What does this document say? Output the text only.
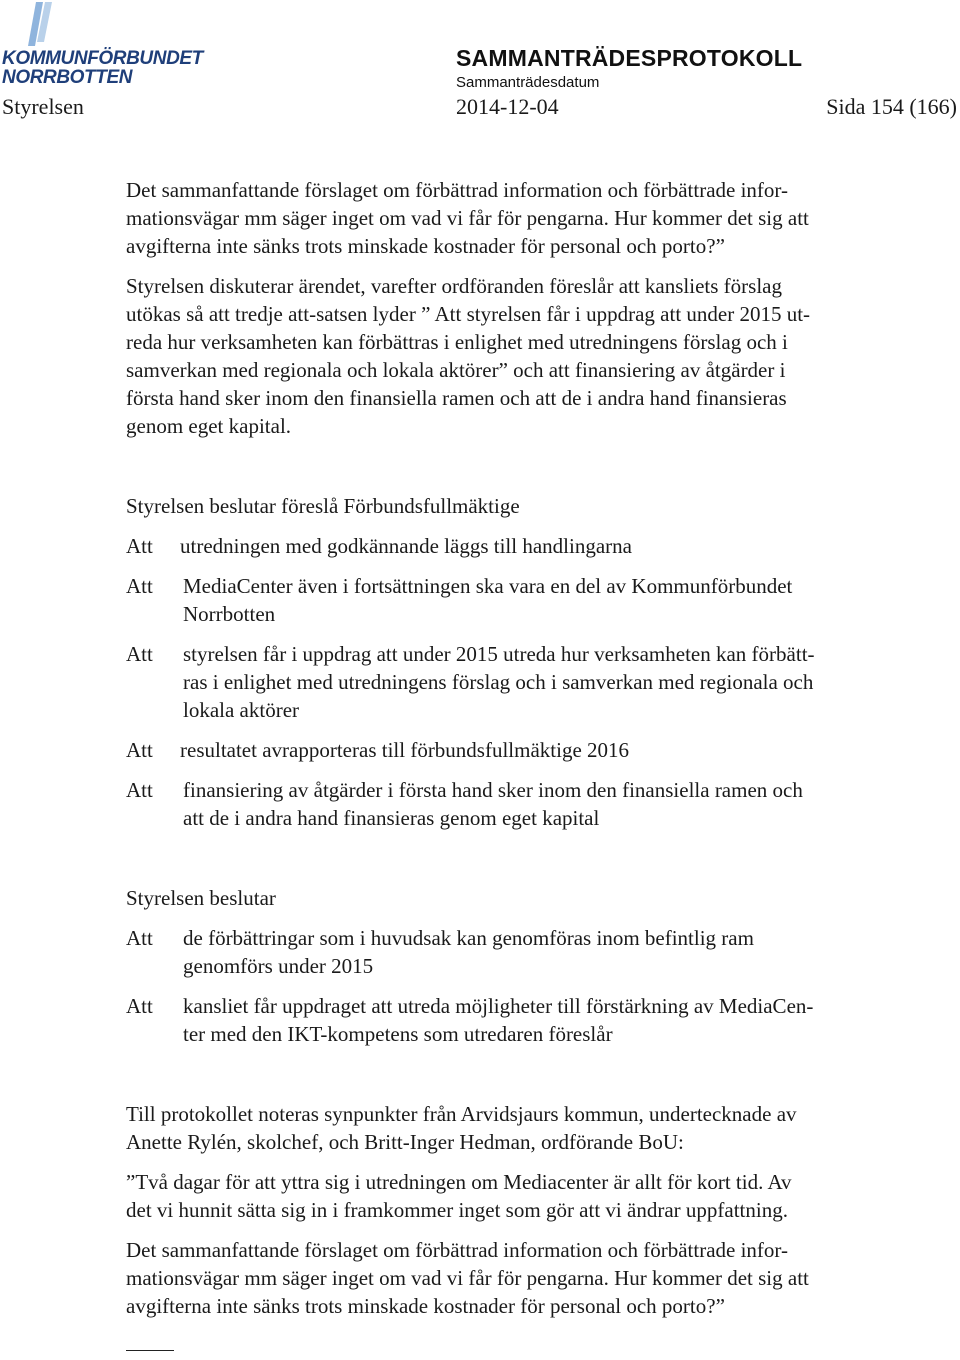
KOMMUNFÖRBUNDET
NORRBOTTEN
SAMMANTRÄDESPROTOKOLL
Sammanträdesdatum
Styrelsen	2014-12-04	Sida 154 (166)

Det sammanfattande förslaget om förbättrad information och förbättrade infor-
mationsvägar mm säger inget om vad vi får för pengarna. Hur kommer det sig att
avgifterna inte sänks trots minskade kostnader för personal och porto?”

Styrelsen diskuterar ärendet, varefter ordföranden föreslår att kansliets förslag
utökas så att tredje att-satsen lyder ” Att styrelsen får i uppdrag att under 2015 ut-
reda hur verksamheten kan förbättras i enlighet med utredningens förslag och i
samverkan med regionala och lokala aktörer” och att finansiering av åtgärder i
första hand sker inom den finansiella ramen och att de i andra hand finansieras
genom eget kapital.

Styrelsen beslutar föreslå Förbundsfullmäktige

Att utredningen med godkännande läggs till handlingarna
Att MediaCenter även i fortsättningen ska vara en del av Kommunförbundet
Norrbotten
Att styrelsen får i uppdrag att under 2015 utreda hur verksamheten kan förbätt-
ras i enlighet med utredningens förslag och i samverkan med regionala och
lokala aktörer
Att resultatet avrapporteras till förbundsfullmäktige 2016
Att finansiering av åtgärder i första hand sker inom den finansiella ramen och
att de i andra hand finansieras genom eget kapital

Styrelsen beslutar

Att de förbättringar som i huvudsak kan genomföras inom befintlig ram
genomförs under 2015
Att kansliet får uppdraget att utreda möjligheter till förstärkning av MediaCen-
ter med den IKT-kompetens som utredaren föreslår

Till protokollet noteras synpunkter från Arvidsjaurs kommun, undertecknade av
Anette Rylén, skolchef, och Britt-Inger Hedman, ordförande BoU:

”Två dagar för att yttra sig i utredningen om Mediacenter är allt för kort tid. Av
det vi hunnit sätta sig in i framkommer inget som gör att vi ändrar uppfattning.

Det sammanfattande förslaget om förbättrad information och förbättrade infor-
mationsvägar mm säger inget om vad vi får för pengarna. Hur kommer det sig att
avgifterna inte sänks trots minskade kostnader för personal och porto?”
